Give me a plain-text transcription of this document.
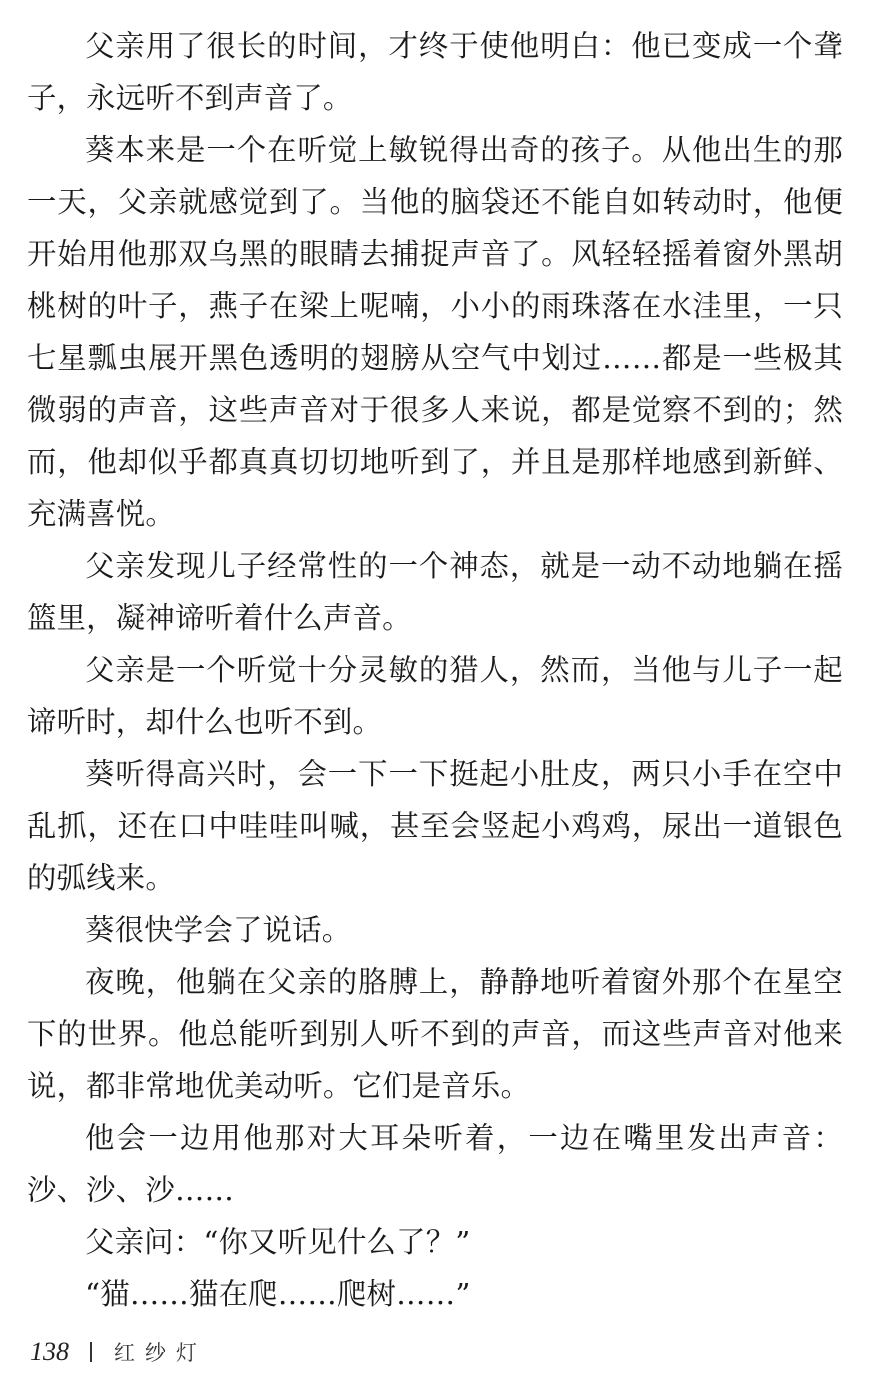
父亲用了很长的时间，才终于使他明白：他已变成一个聋子，永远听不到声音了。

葵本来是一个在听觉上敏锐得出奇的孩子。从他出生的那一天，父亲就感觉到了。当他的脑袋还不能自如转动时，他便开始用他那双乌黑的眼睛去捕捉声音了。风轻轻摇着窗外黑胡桃树的叶子，燕子在梁上呢喃，小小的雨珠落在水洼里，一只七星瓢虫展开黑色透明的翅膀从空气中划过……都是一些极其微弱的声音，这些声音对于很多人来说，都是觉察不到的；然而，他却似乎都真真切切地听到了，并且是那样地感到新鲜、充满喜悦。

父亲发现儿子经常性的一个神态，就是一动不动地躺在摇篮里，凝神谛听着什么声音。

父亲是一个听觉十分灵敏的猎人，然而，当他与儿子一起谛听时，却什么也听不到。

葵听得高兴时，会一下一下挺起小肚皮，两只小手在空中乱抓，还在口中哇哇叫喊，甚至会竖起小鸡鸡，尿出一道银色的弧线来。

葵很快学会了说话。

夜晚，他躺在父亲的胳膊上，静静地听着窗外那个在星空下的世界。他总能听到别人听不到的声音，而这些声音对他来说，都非常地优美动听。它们是音乐。

他会一边用他那对大耳朵听着，一边在嘴里发出声音：沙、沙、沙……

父亲问：“你又听见什么了？”

“猫……猫在爬……爬树……”

138	红纱灯
